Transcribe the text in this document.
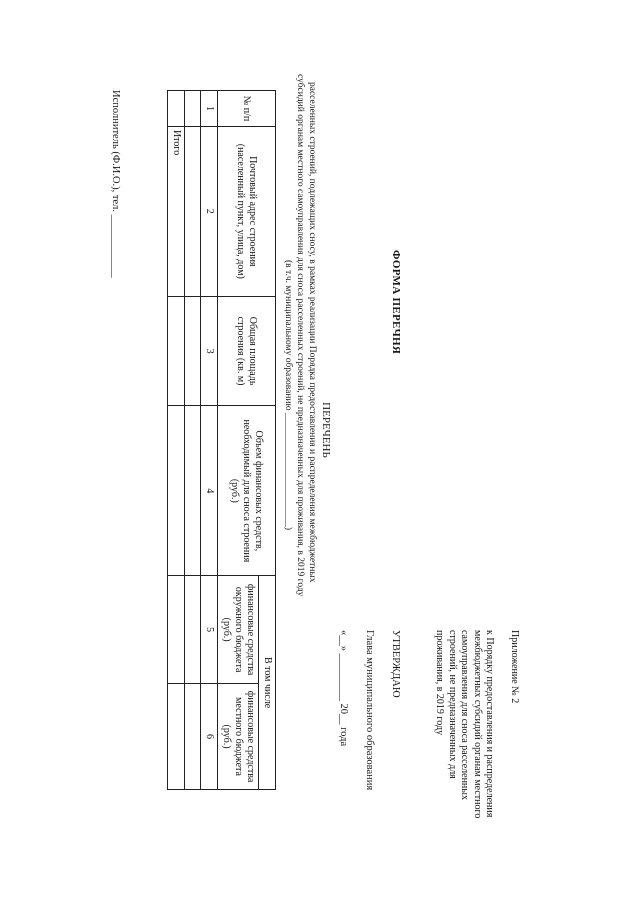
Приложение № 2
к Порядку предоставления и распределения
межбюджетных субсидий органам местного
самоуправления для сноса расселенных
строений, не предназначенных для
проживания, в 2019 году
ФОРМА ПЕРЕЧНЯ
УТВЕРЖДАЮ
Глава муниципального образования
«__» _________ 20__ года
ПЕРЕЧЕНЬ
расселенных строений, подлежащих сносу, в рамках реализации Порядка предоставления и распределения межбюджетных
субсидий органам местного самоуправления для сноса расселенных строений, не предназначенных для проживания, в 2019 году
(в т.ч. муниципальному образованию ________________________)
№ п/п	Почтовый адрес строения (населенный пункт, улица, дом)	Общая площадь строения (кв. м)	Объем финансовых средств, необходимый для сноса строения (руб.)	В том числе	
				финансовые средства окружного бюджета (руб.)	финансовые средства местного бюджета (руб.)
1	2	3	4	5	6

	Итого				
Исполнитель (Ф.И.О.), тел. ____________
